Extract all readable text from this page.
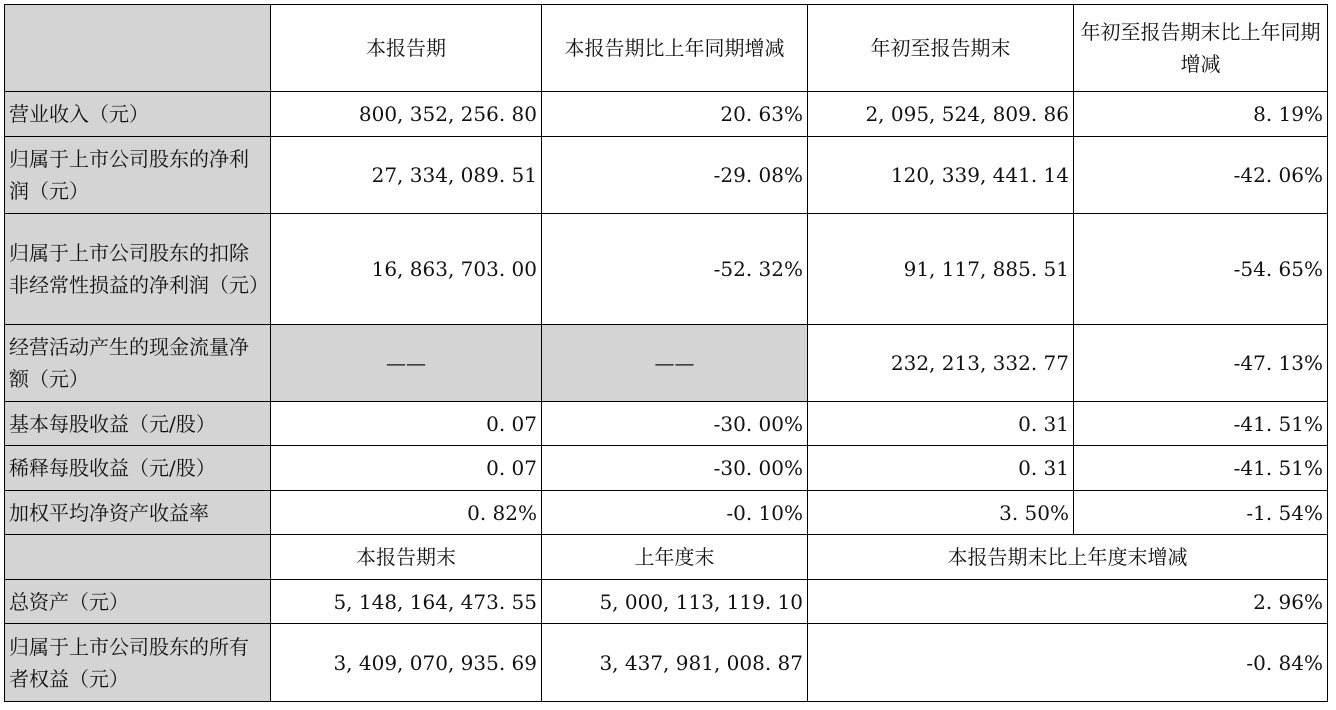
	本报告期	本报告期比上年同期增减	年初至报告期末	年初至报告期末比上年同期增减
营业收入（元）	800, 352, 256. 80	20. 63%	2, 095, 524, 809. 86	8. 19%
归属于上市公司股东的净利润（元）	27, 334, 089. 51	-29. 08%	120, 339, 441. 14	-42. 06%
归属于上市公司股东的扣除非经常性损益的净利润（元）	16, 863, 703. 00	-52. 32%	91, 117, 885. 51	-54. 65%
经营活动产生的现金流量净额（元）	——	——	232, 213, 332. 77	-47. 13%
基本每股收益（元/股）	0. 07	-30. 00%	0. 31	-41. 51%
稀释每股收益（元/股）	0. 07	-30. 00%	0. 31	-41. 51%
加权平均净资产收益率	0. 82%	-0. 10%	3. 50%	-1. 54%
	本报告期末	上年度末	本报告期末比上年度末增减	
总资产（元）	5, 148, 164, 473. 55	5, 000, 113, 119. 10	2. 96%	
归属于上市公司股东的所有者权益（元）	3, 409, 070, 935. 69	3, 437, 981, 008. 87	-0. 84%	
